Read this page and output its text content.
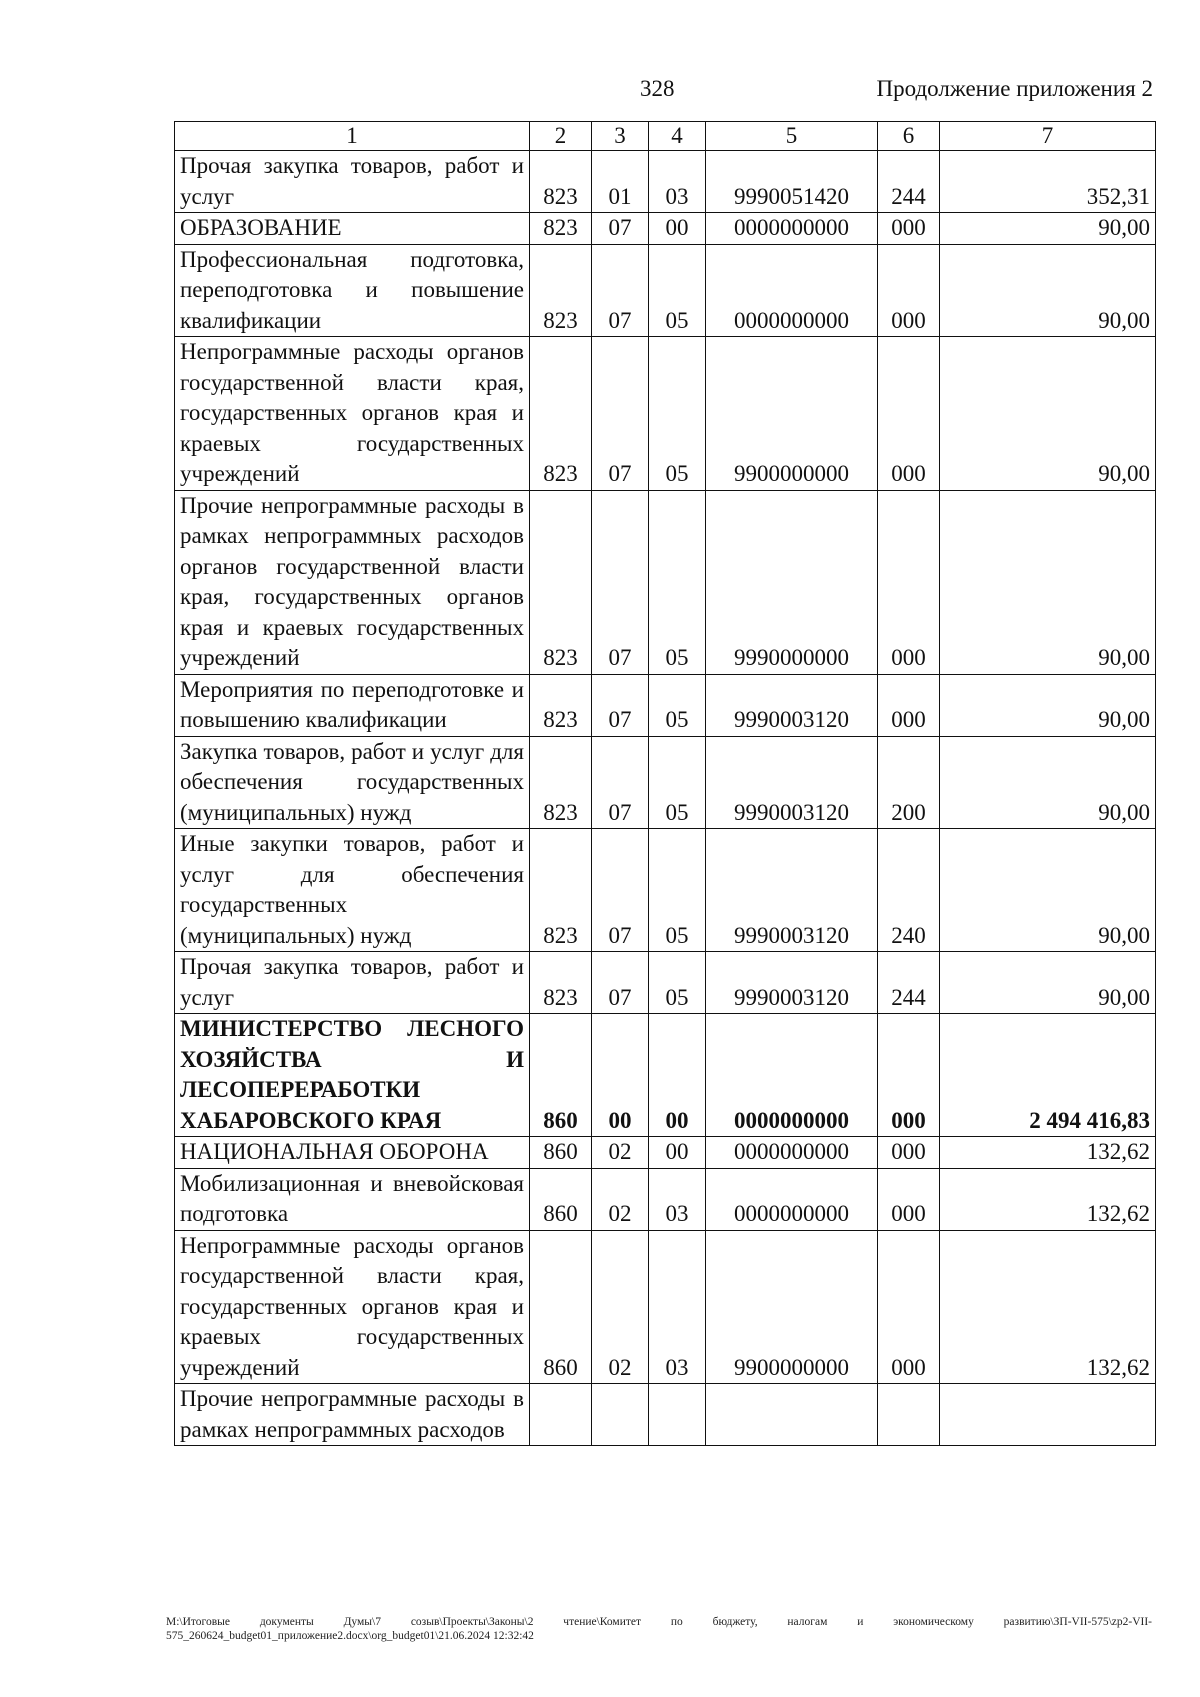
328	Продолжение приложения 2
1	2	3	4	5	6	7
Прочая закупка товаров, работ и услуг	823	01	03	9990051420	244	352,31
ОБРАЗОВАНИЕ	823	07	00	0000000000	000	90,00
Профессиональная подготовка, переподготовка и повышение квалификации	823	07	05	0000000000	000	90,00
Непрограммные расходы органов государственной власти края, государственных органов края и краевых государственных учреждений	823	07	05	9900000000	000	90,00
Прочие непрограммные расходы в рамках непрограммных расходов органов государственной власти края, государственных органов края и краевых государственных учреждений	823	07	05	9990000000	000	90,00
Мероприятия по переподготовке и повышению квалификации	823	07	05	9990003120	000	90,00
Закупка товаров, работ и услуг для обеспечения государственных (муниципальных) нужд	823	07	05	9990003120	200	90,00
Иные закупки товаров, работ и услуг для обеспечения государственных (муниципальных) нужд	823	07	05	9990003120	240	90,00
Прочая закупка товаров, работ и услуг	823	07	05	9990003120	244	90,00
МИНИСТЕРСТВО ЛЕСНОГО ХОЗЯЙСТВА И ЛЕСОПЕРЕРАБОТКИ ХАБАРОВСКОГО КРАЯ	860	00	00	0000000000	000	2 494 416,83
НАЦИОНАЛЬНАЯ ОБОРОНА	860	02	00	0000000000	000	132,62
Мобилизационная и вневойсковая подготовка	860	02	03	0000000000	000	132,62
Непрограммные расходы органов государственной власти края, государственных органов края и краевых государственных учреждений	860	02	03	9900000000	000	132,62
Прочие непрограммные расходы в рамках непрограммных расходов						
M:\Итоговые документы Думы\7 созыв\Проекты\Законы\2 чтение\Комитет по бюджету, налогам и экономическому развитию\ЗП-VII-575\zp2-VII-575_260624_budget01_приложение2.docx\org_budget01\21.06.2024 12:32:42
